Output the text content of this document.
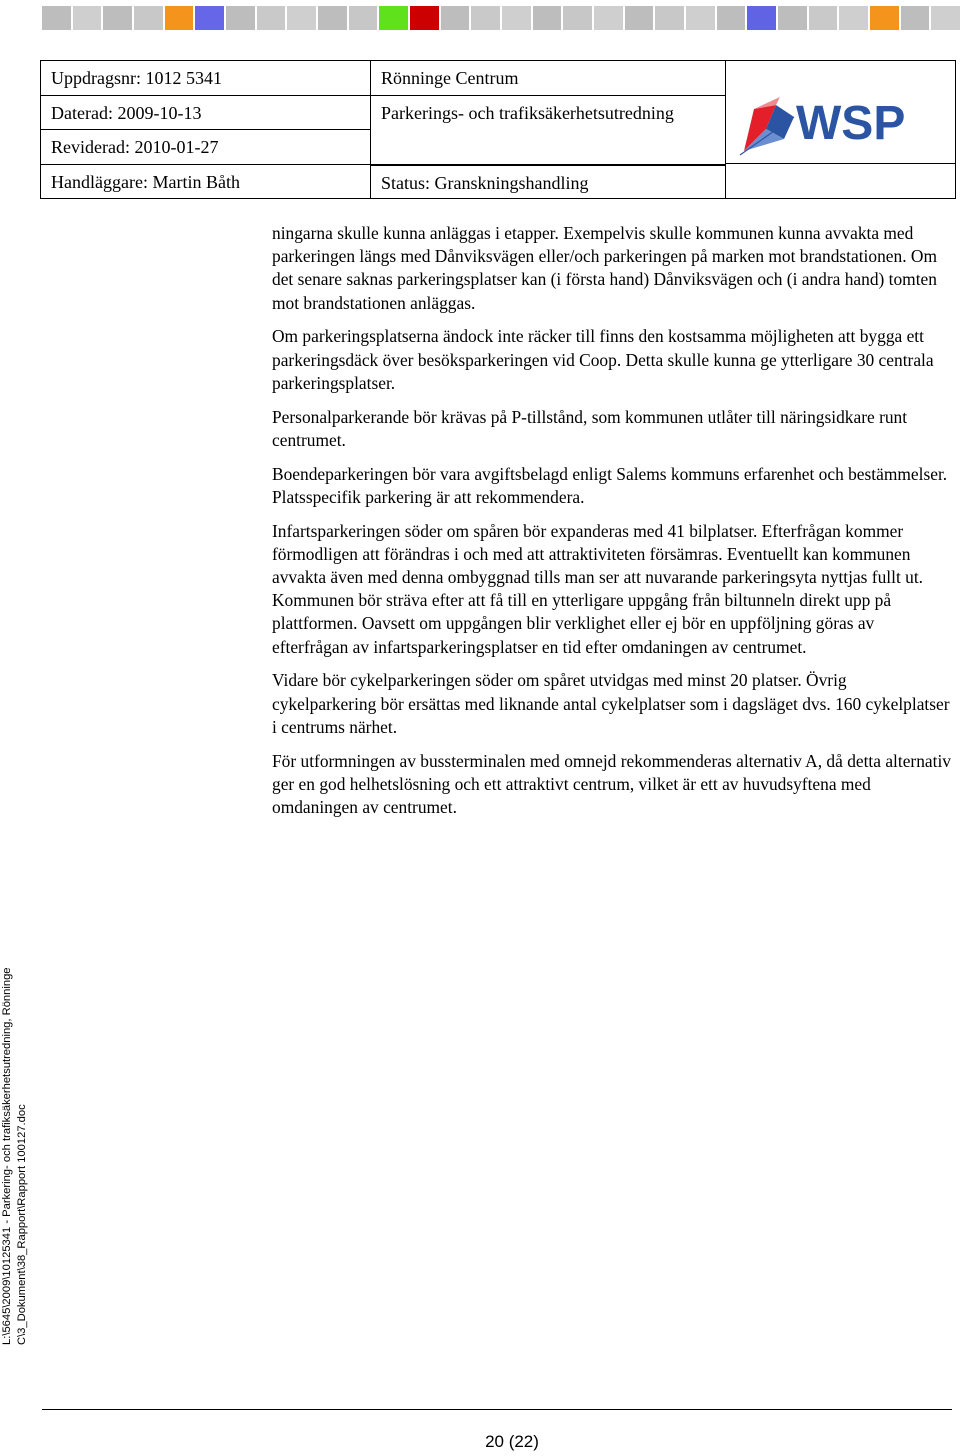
Uppdragsnr: 1012 5341
Daterad: 2009-10-13
Reviderad: 2010-01-27
Handläggare: Martin Båth
Rönninge Centrum
Parkerings- och trafiksäkerhetsutredning
Status: Granskningshandling
WSP

ningarna skulle kunna anläggas i etapper. Exempelvis skulle kommunen kunna avvakta med parkeringen längs med Dånviksvägen eller/och parkeringen på marken mot brandstationen. Om det senare saknas parkeringsplatser kan (i första hand) Dånviksvägen och (i andra hand) tomten mot brandstationen anläggas.

Om parkeringsplatserna ändock inte räcker till finns den kostsamma möjligheten att bygga ett parkeringsdäck över besöksparkeringen vid Coop. Detta skulle kunna ge ytterligare 30 centrala parkeringsplatser.

Personalparkerande bör krävas på P-tillstånd, som kommunen utlåter till näringsidkare runt centrumet.

Boendeparkeringen bör vara avgiftsbelagd enligt Salems kommuns erfarenhet och bestämmelser. Platsspecifik parkering är att rekommendera.

Infartsparkeringen söder om spåren bör expanderas med 41 bilplatser. Efterfrågan kommer förmodligen att förändras i och med att attraktiviteten försämras. Eventuellt kan kommunen avvakta även med denna ombyggnad tills man ser att nuvarande parkeringsyta nyttjas fullt ut. Kommunen bör sträva efter att få till en ytterligare uppgång från biltunneln direkt upp på plattformen. Oavsett om uppgången blir verklighet eller ej bör en uppföljning göras av efterfrågan av infartsparkeringsplatser en tid efter omdaningen av centrumet.

Vidare bör cykelparkeringen söder om spåret utvidgas med minst 20 platser. Övrig cykelparkering bör ersättas med liknande antal cykelplatser som i dagsläget dvs. 160 cykelplatser i centrums närhet.

För utformningen av bussterminalen med omnejd rekommenderas alternativ A, då detta alternativ ger en god helhetslösning och ett attraktivt centrum, vilket är ett av huvudsyftena med omdaningen av centrumet.

L:\5645\2009\10125341 - Parkering- och trafiksäkerhetsutredning, Rönninge C\3_Dokument\38_Rapport\Rapport 100127.doc
20 (22)
